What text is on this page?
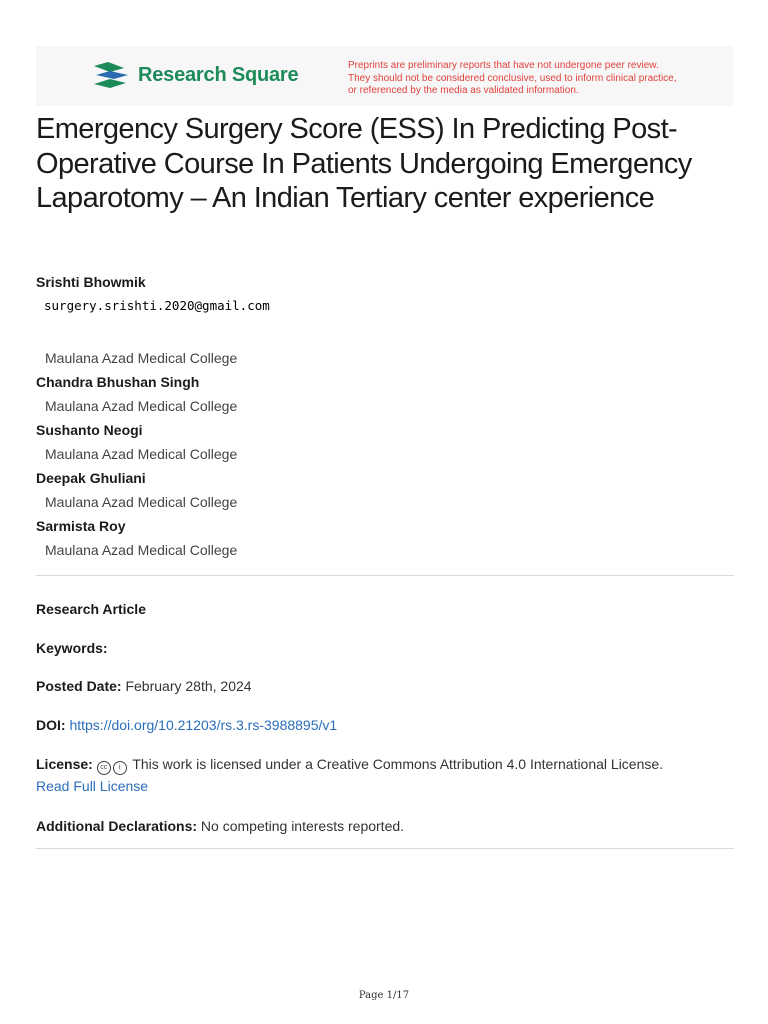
Research Square	Preprints are preliminary reports that have not undergone peer review.
They should not be considered conclusive, used to inform clinical practice,
or referenced by the media as validated information.
Emergency Surgery Score (ESS) In Predicting Post-Operative Course In Patients Undergoing Emergency Laparotomy – An Indian Tertiary center experience
Srishti Bhowmik
surgery.srishti.2020@gmail.com
Maulana Azad Medical College
Chandra Bhushan Singh
Maulana Azad Medical College
Sushanto Neogi
Maulana Azad Medical College
Deepak Ghuliani
Maulana Azad Medical College
Sarmista Roy
Maulana Azad Medical College
Research Article
Keywords:
Posted Date: February 28th, 2024
DOI: https://doi.org/10.21203/rs.3.rs-3988895/v1
License: cc i This work is licensed under a Creative Commons Attribution 4.0 International License.
Read Full License
Additional Declarations: No competing interests reported.
Page 1/17
